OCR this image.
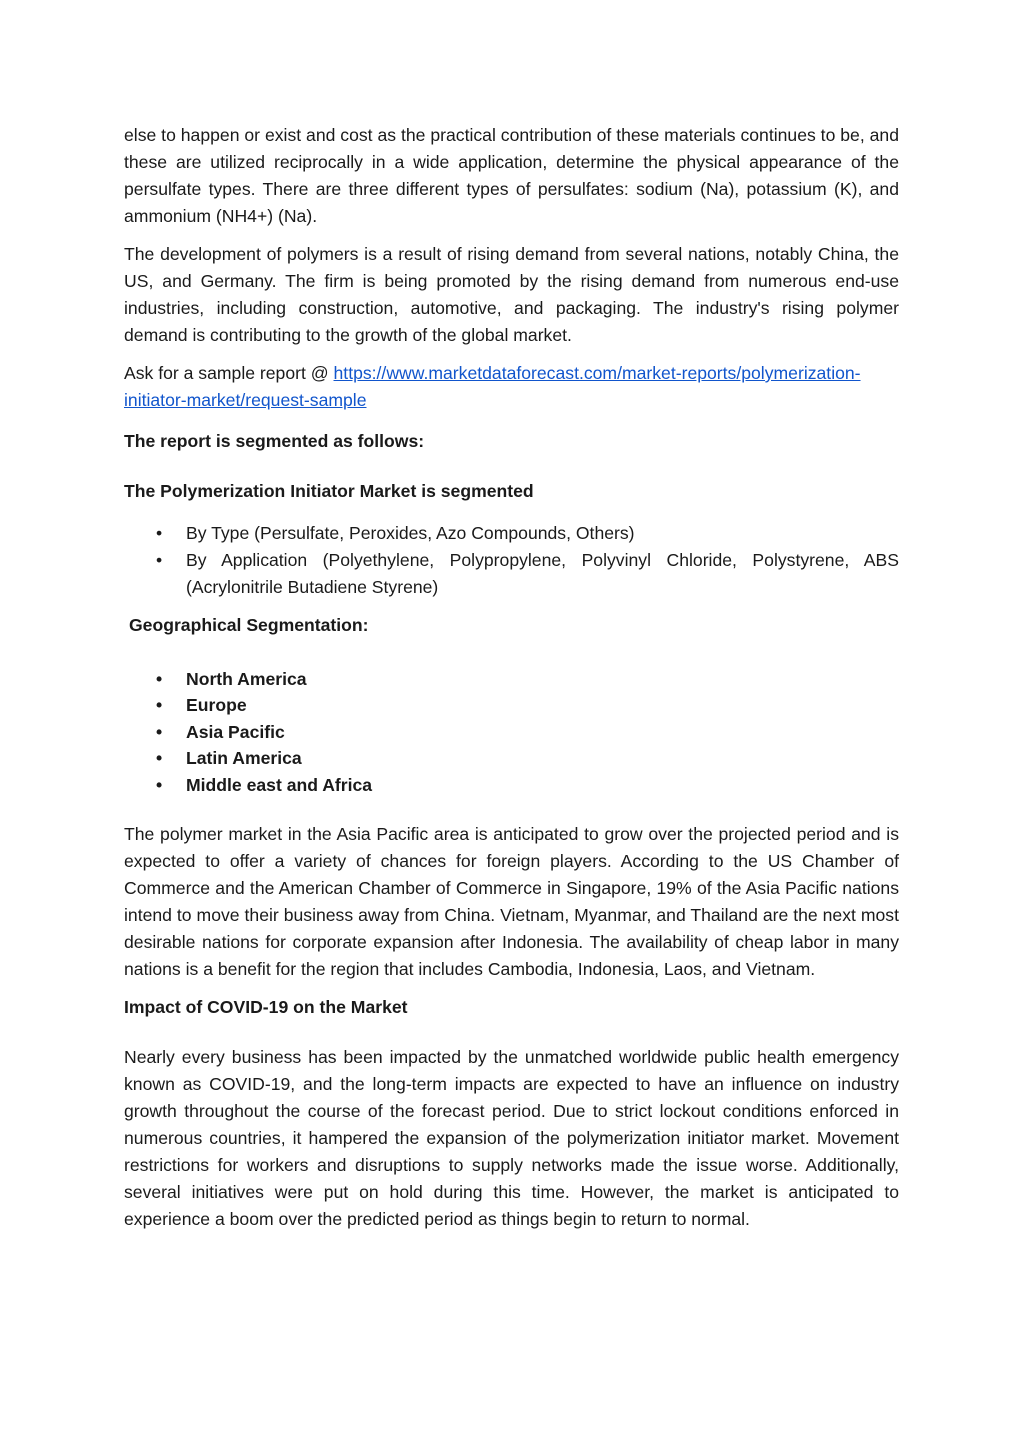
else to happen or exist and cost as the practical contribution of these materials continues to be, and these are utilized reciprocally in a wide application, determine the physical appearance of the persulfate types. There are three different types of persulfates: sodium (Na), potassium (K), and ammonium (NH4+) (Na).

The development of polymers is a result of rising demand from several nations, notably China, the US, and Germany. The firm is being promoted by the rising demand from numerous end-use industries, including construction, automotive, and packaging. The industry's rising polymer demand is contributing to the growth of the global market.

Ask for a sample report @ https://www.marketdataforecast.com/market-reports/polymerization-initiator-market/request-sample

The report is segmented as follows:

The Polymerization Initiator Market is segmented

• By Type (Persulfate, Peroxides, Azo Compounds, Others)
• By Application (Polyethylene, Polypropylene, Polyvinyl Chloride, Polystyrene, ABS (Acrylonitrile Butadiene Styrene)

Geographical Segmentation:

• North America
• Europe
• Asia Pacific
• Latin America
• Middle east and Africa

The polymer market in the Asia Pacific area is anticipated to grow over the projected period and is expected to offer a variety of chances for foreign players. According to the US Chamber of Commerce and the American Chamber of Commerce in Singapore, 19% of the Asia Pacific nations intend to move their business away from China. Vietnam, Myanmar, and Thailand are the next most desirable nations for corporate expansion after Indonesia. The availability of cheap labor in many nations is a benefit for the region that includes Cambodia, Indonesia, Laos, and Vietnam.

Impact of COVID-19 on the Market

Nearly every business has been impacted by the unmatched worldwide public health emergency known as COVID-19, and the long-term impacts are expected to have an influence on industry growth throughout the course of the forecast period. Due to strict lockout conditions enforced in numerous countries, it hampered the expansion of the polymerization initiator market. Movement restrictions for workers and disruptions to supply networks made the issue worse. Additionally, several initiatives were put on hold during this time. However, the market is anticipated to experience a boom over the predicted period as things begin to return to normal.
